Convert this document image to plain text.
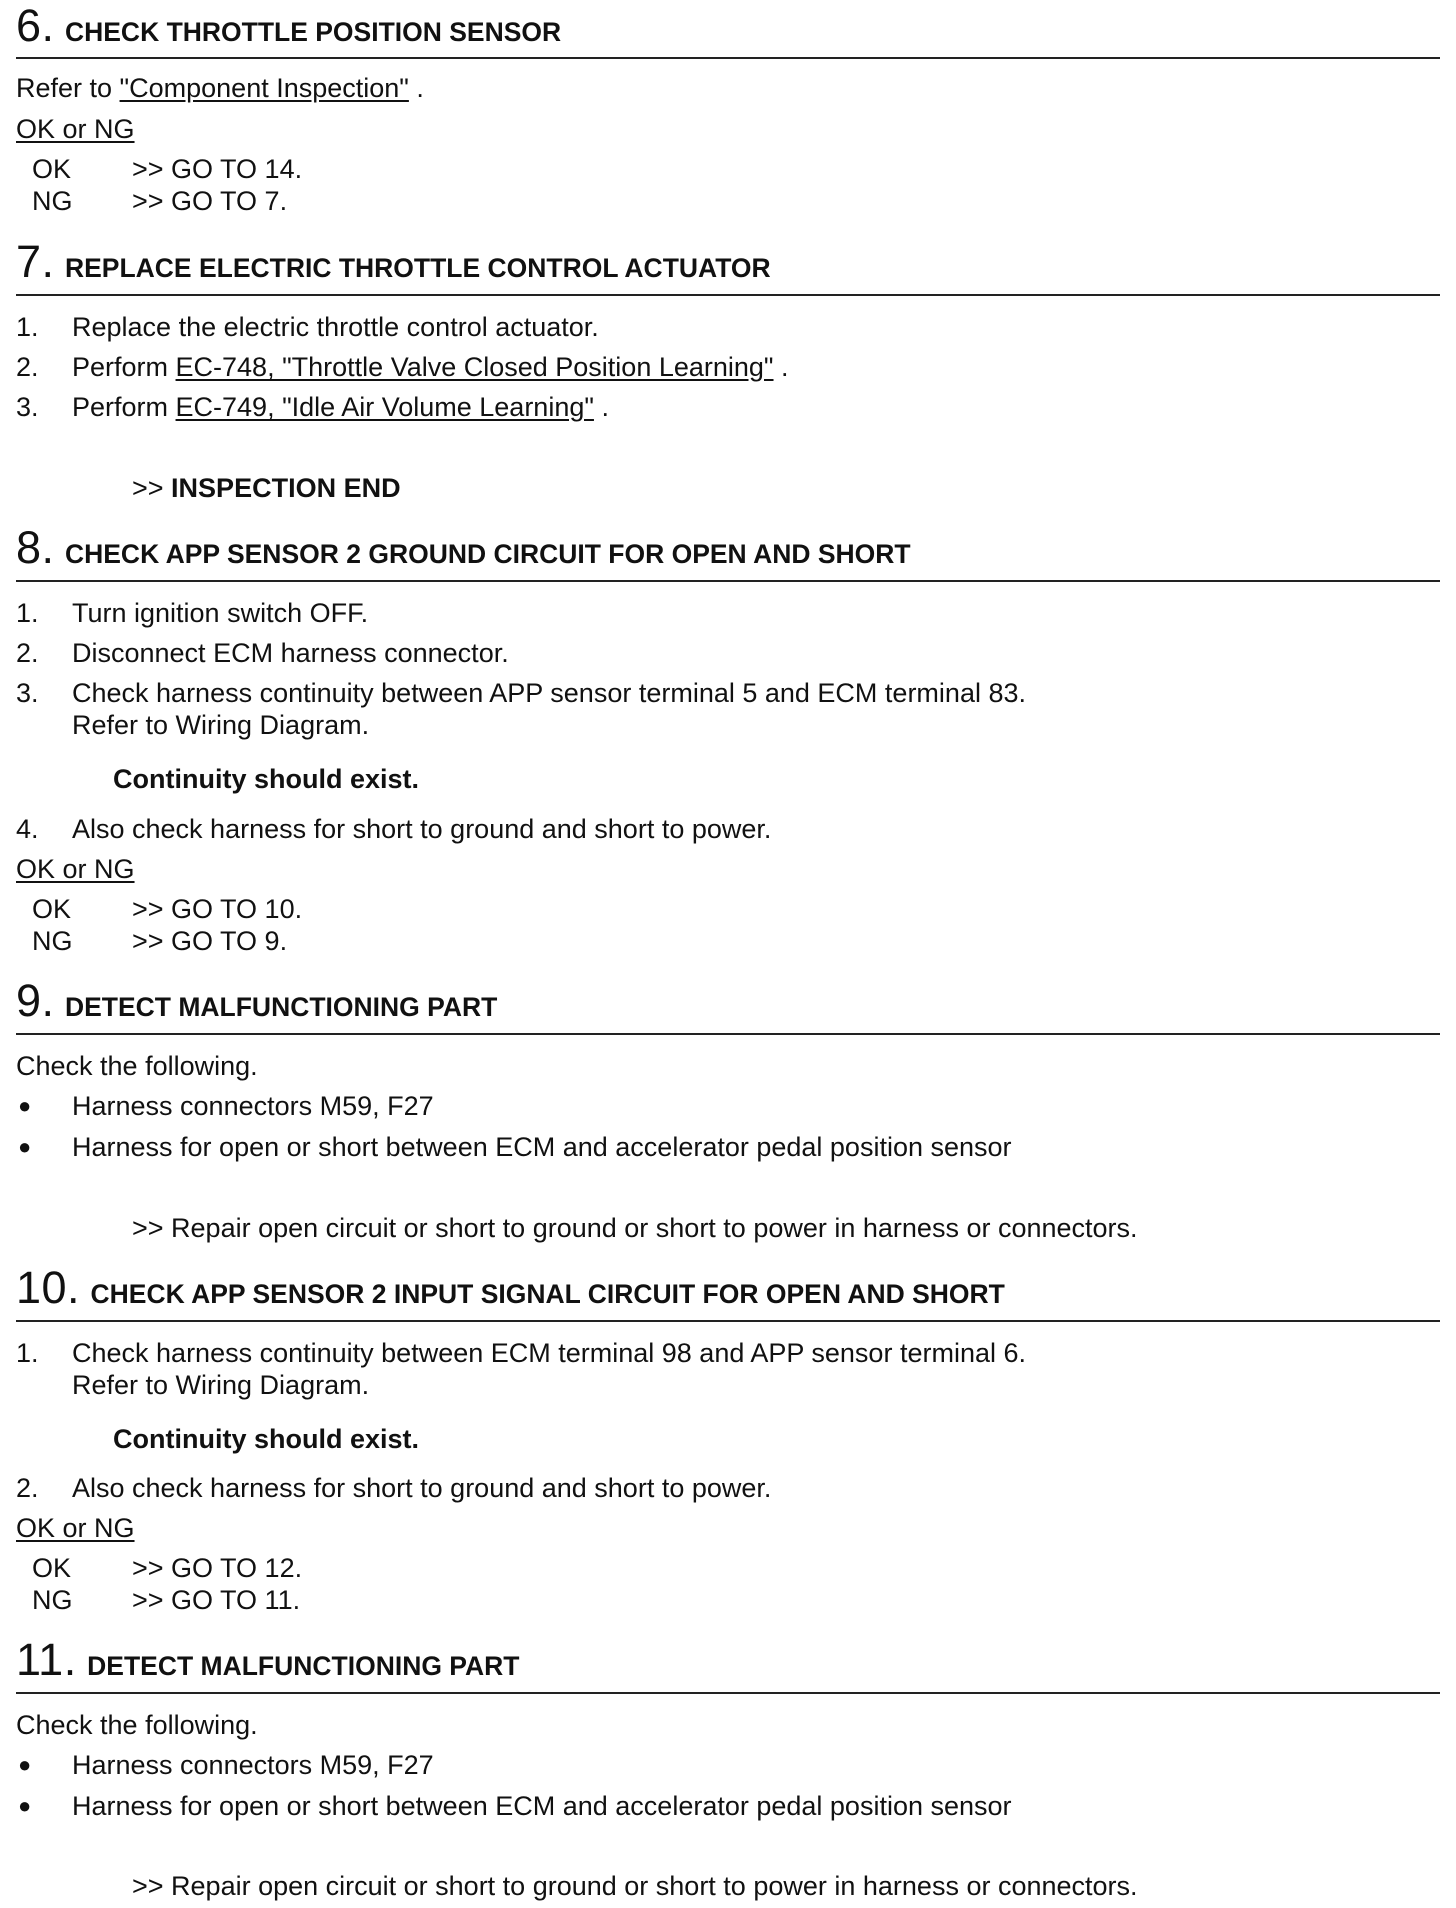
6. CHECK THROTTLE POSITION SENSOR
Refer to "Component Inspection" .
OK or NG
OK >> GO TO 14.
NG >> GO TO 7.
7. REPLACE ELECTRIC THROTTLE CONTROL ACTUATOR
1. Replace the electric throttle control actuator.
2. Perform EC-748, "Throttle Valve Closed Position Learning" .
3. Perform EC-749, "Idle Air Volume Learning" .
>> INSPECTION END
8. CHECK APP SENSOR 2 GROUND CIRCUIT FOR OPEN AND SHORT
1. Turn ignition switch OFF.
2. Disconnect ECM harness connector.
3. Check harness continuity between APP sensor terminal 5 and ECM terminal 83.
Refer to Wiring Diagram.
Continuity should exist.
4. Also check harness for short to ground and short to power.
OK or NG
OK >> GO TO 10.
NG >> GO TO 9.
9. DETECT MALFUNCTIONING PART
Check the following.
● Harness connectors M59, F27
● Harness for open or short between ECM and accelerator pedal position sensor
>> Repair open circuit or short to ground or short to power in harness or connectors.
10. CHECK APP SENSOR 2 INPUT SIGNAL CIRCUIT FOR OPEN AND SHORT
1. Check harness continuity between ECM terminal 98 and APP sensor terminal 6.
Refer to Wiring Diagram.
Continuity should exist.
2. Also check harness for short to ground and short to power.
OK or NG
OK >> GO TO 12.
NG >> GO TO 11.
11. DETECT MALFUNCTIONING PART
Check the following.
● Harness connectors M59, F27
● Harness for open or short between ECM and accelerator pedal position sensor
>> Repair open circuit or short to ground or short to power in harness or connectors.
